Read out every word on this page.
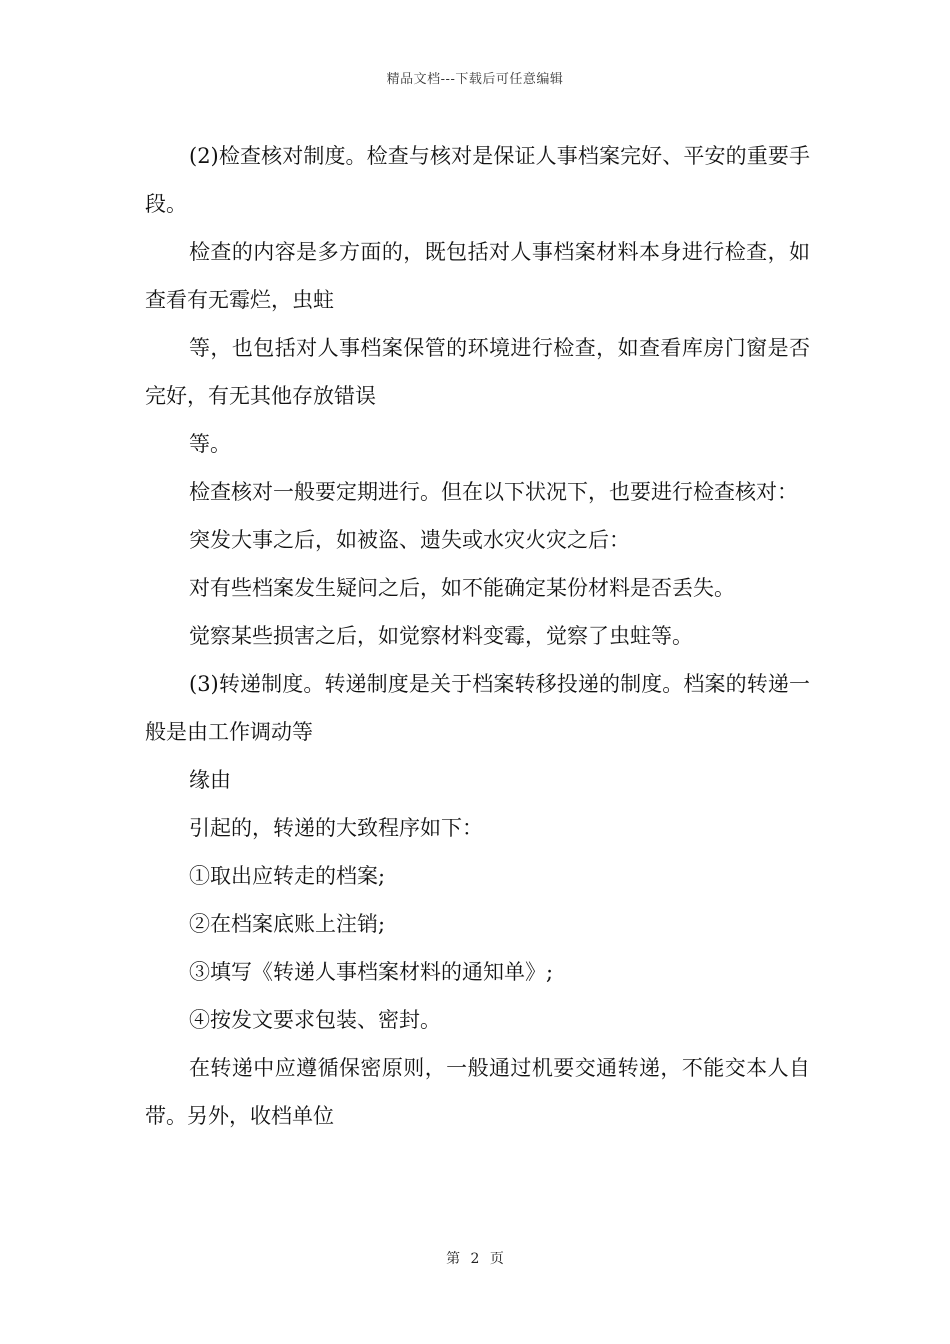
精品文档---下载后可任意编辑

(2)检查核对制度。检查与核对是保证人事档案完好、平安的重要手段。

检查的内容是多方面的，既包括对人事档案材料本身进行检查，如查看有无霉烂，虫蛀

等，也包括对人事档案保管的环境进行检查，如查看库房门窗是否完好，有无其他存放错误

等。

检查核对一般要定期进行。但在以下状况下，也要进行检查核对：

突发大事之后，如被盗、遗失或水灾火灾之后：

对有些档案发生疑问之后，如不能确定某份材料是否丢失。

觉察某些损害之后，如觉察材料变霉，觉察了虫蛀等。

(3)转递制度。转递制度是关于档案转移投递的制度。档案的转递一般是由工作调动等

缘由

引起的，转递的大致程序如下：

①取出应转走的档案;

②在档案底账上注销;

③填写《转递人事档案材料的通知单》;

④按发文要求包装、密封。

在转递中应遵循保密原则，一般通过机要交通转递，不能交本人自带。另外，收档单位

第 2 页
